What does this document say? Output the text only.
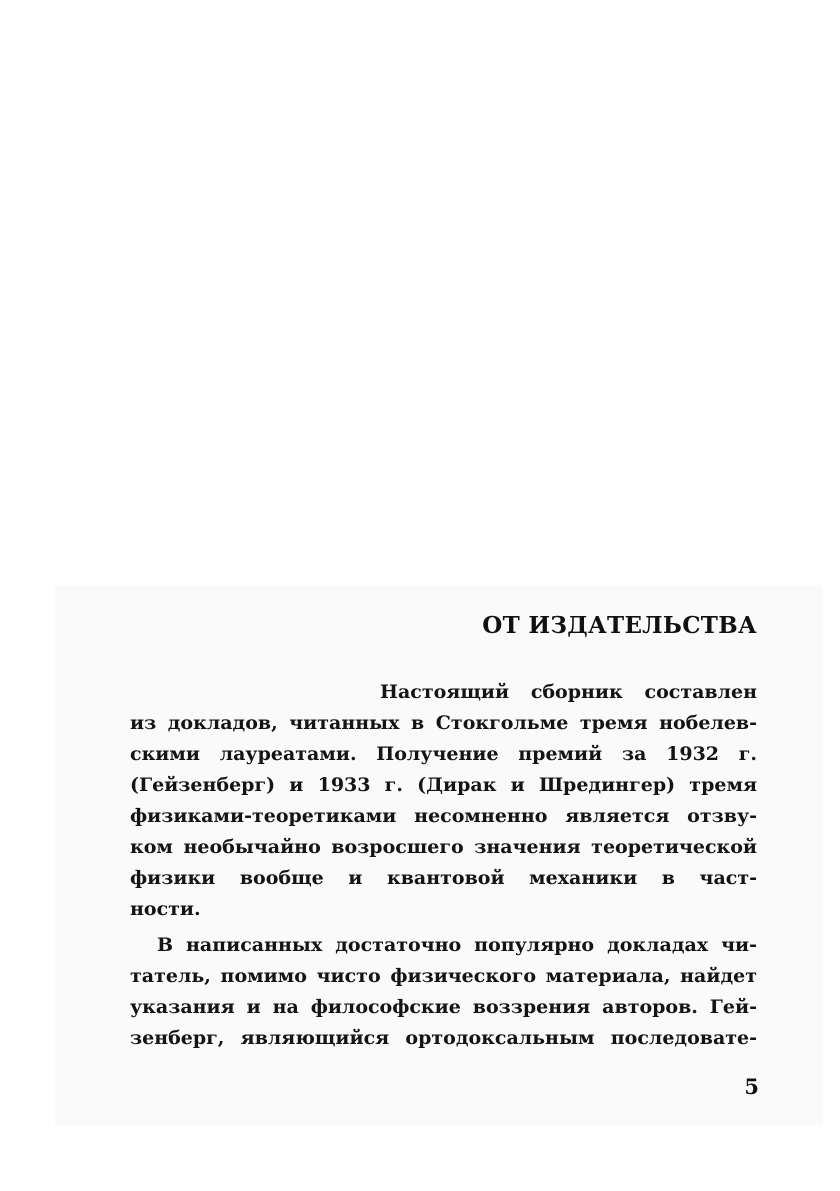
ОТ ИЗДАТЕЛЬСТВА
Настоящий сборник составлен
из докладов, читанных в Стокгольме тремя нобелев-
скими лауреатами. Получение премий за 1932 г.
(Гейзенберг) и 1933 г. (Дирак и Шредингер) тремя
физиками-теоретиками несомненно является отзву-
ком необычайно возросшего значения теоретической
физики вообще и квантовой механики в част-
ности.
В написанных достаточно популярно докладах чи-
татель, помимо чисто физического материала, найдет
указания и на философские воззрения авторов. Гей-
зенберг, являющийся ортодоксальным последовате-
5
